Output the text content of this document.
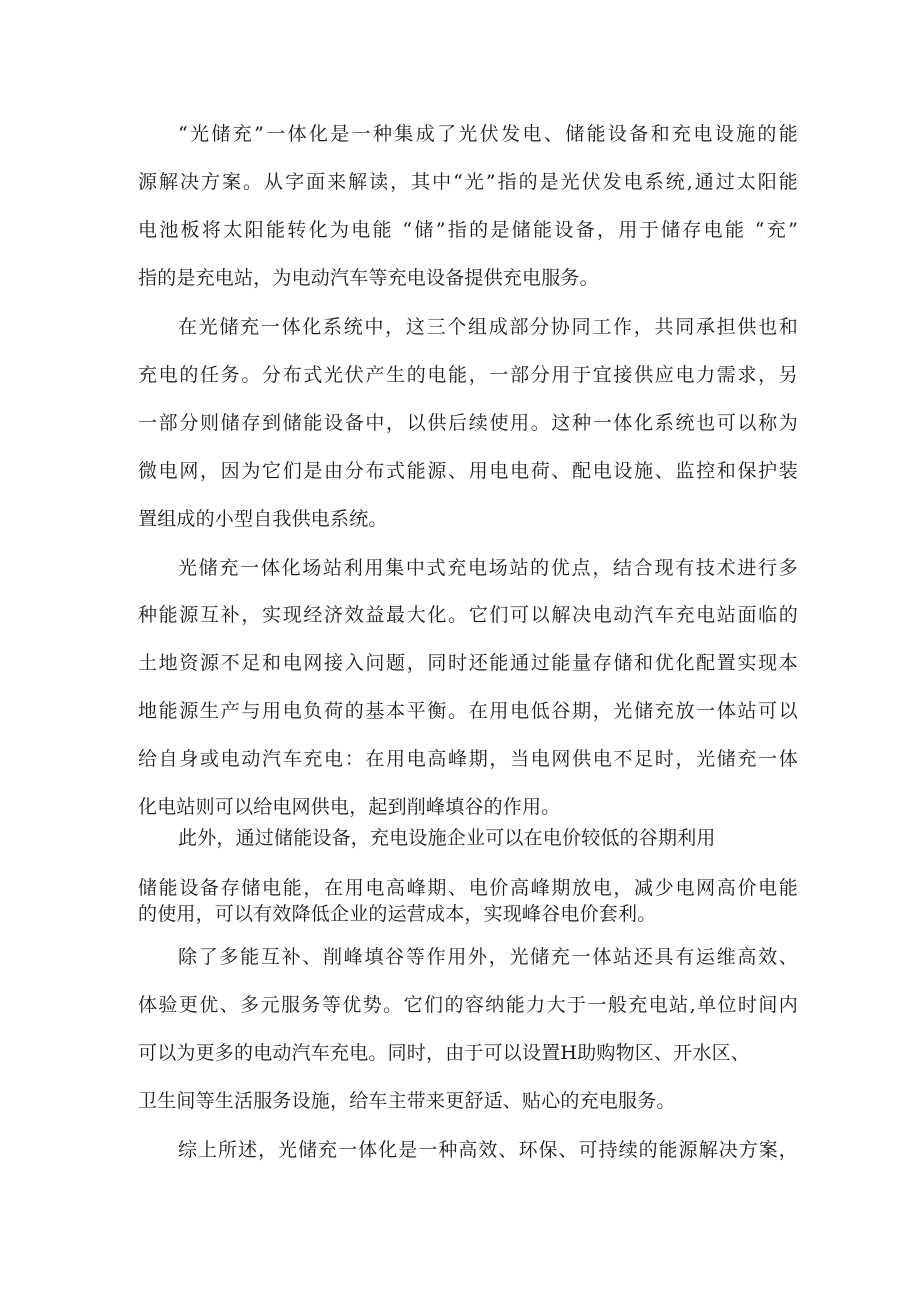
“光储充”一体化是一种集成了光伏发电、储能设备和充电设施的能
源解决方案。从字面来解读，其中“光”指的是光伏发电系统,通过太阳能
电池板将太阳能转化为电能 “储”指的是储能设备，用于储存电能 “充”
指的是充电站，为电动汽车等充电设备提供充电服务。
在光储充一体化系统中，这三个组成部分协同工作，共同承担供也和
充电的任务。分布式光伏产生的电能，一部分用于宜接供应电力需求，另
一部分则储存到储能设备中，以供后续使用。这种一体化系统也可以称为
微电网，因为它们是由分布式能源、用电电荷、配电设施、监控和保护装
置组成的小型自我供电系统。
光储充一体化场站利用集中式充电场站的优点，结合现有技术进行多
种能源互补，实现经济效益最大化。它们可以解决电动汽车充电站面临的
土地资源不足和电网接入问题，同时还能通过能量存储和优化配置实现本
地能源生产与用电负荷的基本平衡。在用电低谷期，光储充放一体站可以
给自身或电动汽车充电：在用电高峰期，当电网供电不足时，光储充一体
化电站则可以给电网供电，起到削峰填谷的作用。
此外，通过储能设备，充电设施企业可以在电价较低的谷期利用
储能设备存储电能，在用电高峰期、电价高峰期放电，减少电网高价电能
的使用，可以有效降低企业的运营成本，实现峰谷电价套利。
除了多能互补、削峰填谷等作用外，光储充一体站还具有运维高效、
体验更优、多元服务等优势。它们的容纳能力大于一般充电站,单位时间内
可以为更多的电动汽车充电。同时，由于可以设置H助购物区、开水区、
卫生间等生活服务设施，给车主带来更舒适、贴心的充电服务。
综上所述，光储充一体化是一种高效、环保、可持续的能源解决方案，
